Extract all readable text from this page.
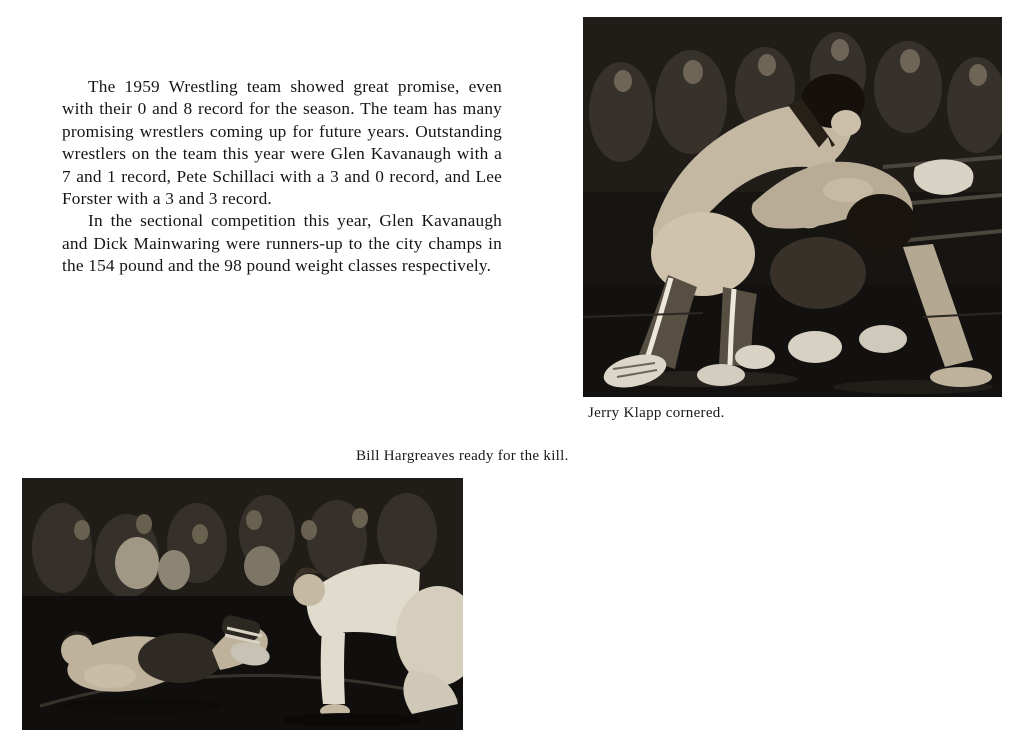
The 1959 Wrestling team showed great promise, even with their 0 and 8 record for the season. The team has many promising wrestlers coming up for future years. Outstanding wrestlers on the team this year were Glen Kavanaugh with a 7 and 1 record, Pete Schillaci with a 3 and 0 record, and Lee Forster with a 3 and 3 record.

In the sectional competition this year, Glen Kavanaugh and Dick Mainwaring were runners-up to the city champs in the 154 pound and the 98 pound weight classes respectively.

Jerry Klapp cornered.
Bill Hargreaves ready for the kill.
